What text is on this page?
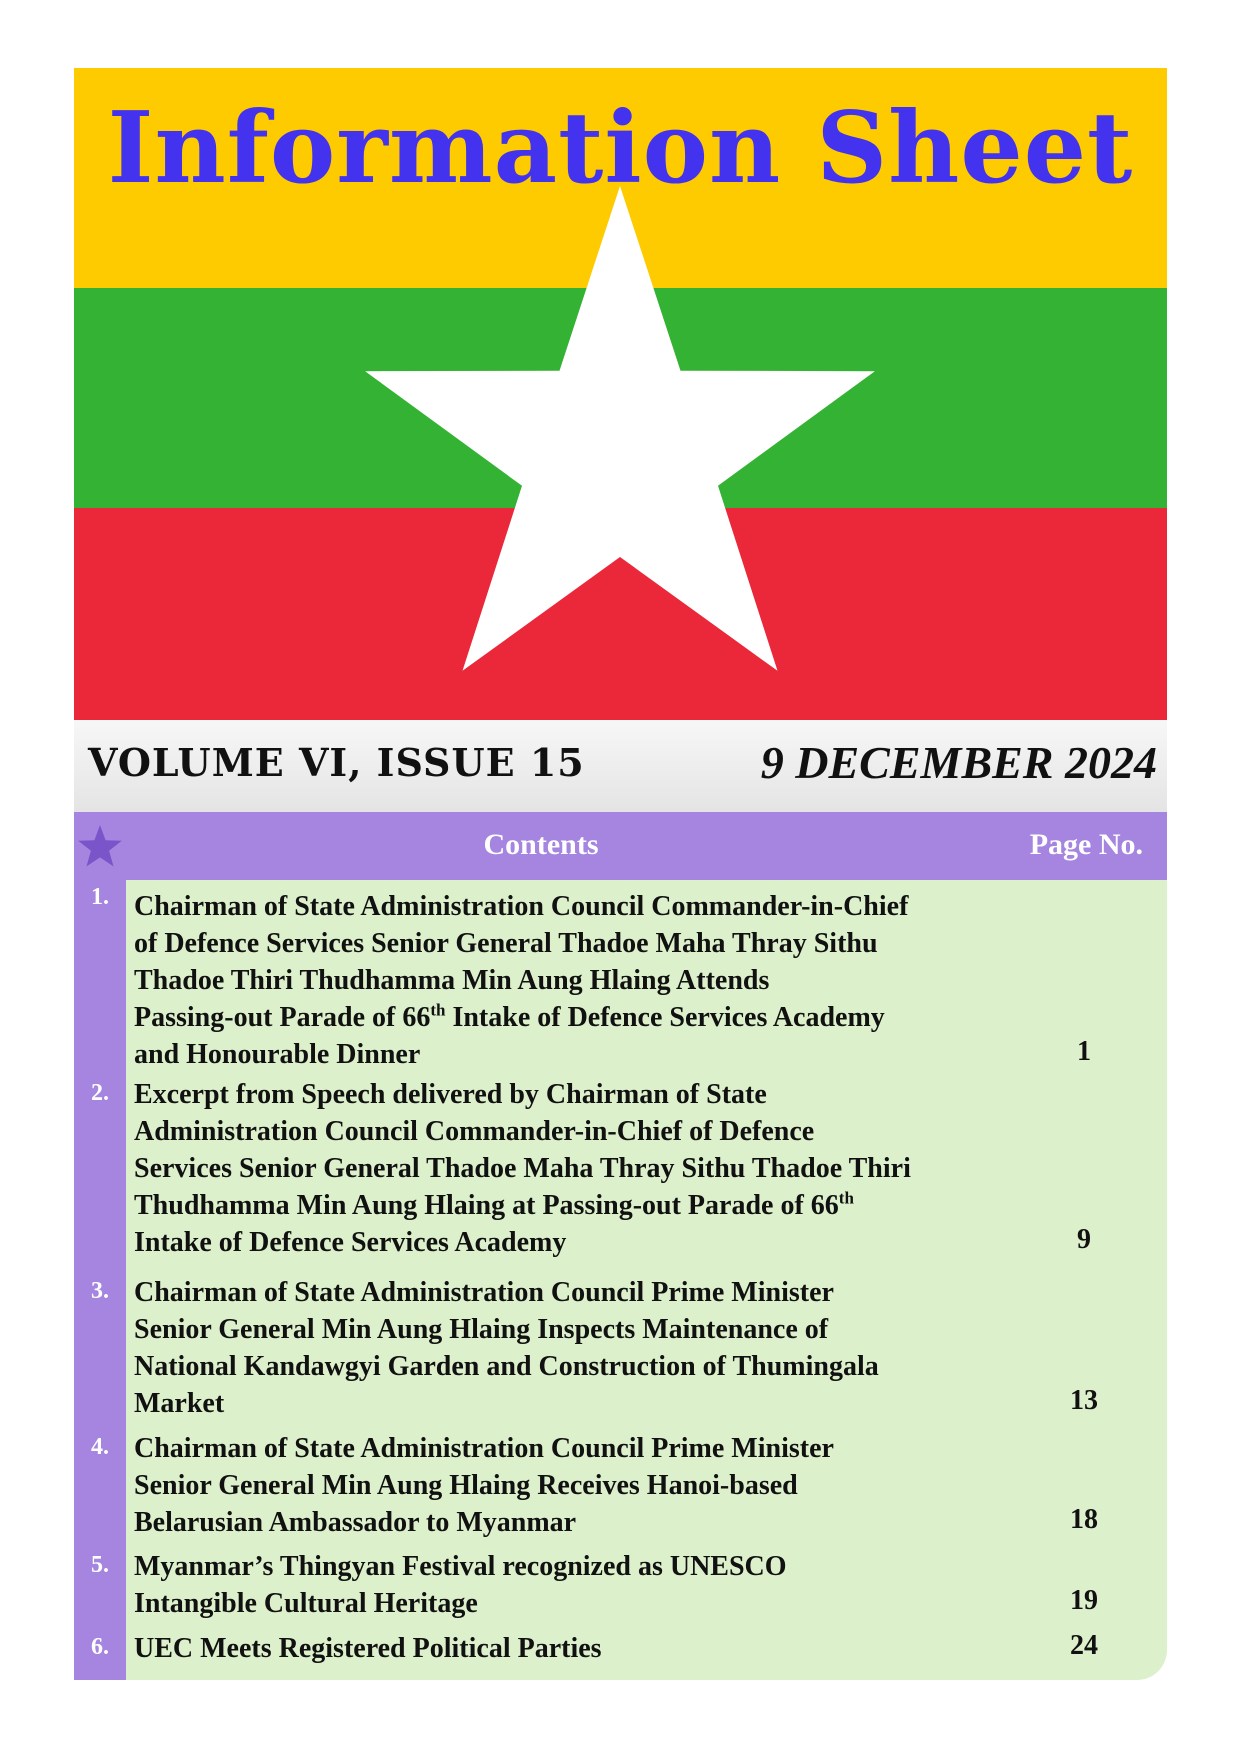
Information Sheet
VOLUME VI, ISSUE 15	9 DECEMBER 2024
Contents	Page No.
1. Chairman of State Administration Council Commander-in-Chief
of Defence Services Senior General Thadoe Maha Thray Sithu
Thadoe Thiri Thudhamma Min Aung Hlaing Attends
Passing-out Parade of 66th Intake of Defence Services Academy
and Honourable Dinner	1
2. Excerpt from Speech delivered by Chairman of State
Administration Council Commander-in-Chief of Defence
Services Senior General Thadoe Maha Thray Sithu Thadoe Thiri
Thudhamma Min Aung Hlaing at Passing-out Parade of 66th
Intake of Defence Services Academy	9
3. Chairman of State Administration Council Prime Minister
Senior General Min Aung Hlaing Inspects Maintenance of
National Kandawgyi Garden and Construction of Thumingala
Market	13
4. Chairman of State Administration Council Prime Minister
Senior General Min Aung Hlaing Receives Hanoi-based
Belarusian Ambassador to Myanmar	18
5. Myanmar’s Thingyan Festival recognized as UNESCO
Intangible Cultural Heritage	19
6. UEC Meets Registered Political Parties	24
